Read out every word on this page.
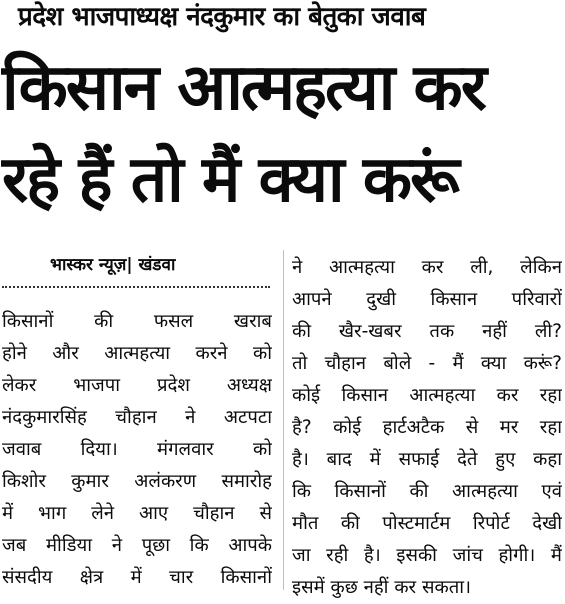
प्रदेश भाजपाध्यक्ष नंदकुमार का बेतुका जवाब
किसान आत्महत्या कर
रहे हैं तो मैं क्या करूं
भास्कर न्यूज़| खंडवा
किसानों की फसल खराब
होने और आत्महत्या करने को
लेकर भाजपा प्रदेश अध्यक्ष
नंदकुमारसिंह चौहान ने अटपटा
जवाब दिया। मंगलवार को
किशोर कुमार अलंकरण समारोह
में भाग लेने आए चौहान से
जब मीडिया ने पूछा कि आपके
संसदीय क्षेत्र में चार किसानों
ने आत्महत्या कर ली, लेकिन
आपने दुखी किसान परिवारों
की खैर-खबर तक नहीं ली?
तो चौहान बोले - मैं क्या करूं?
कोई किसान आत्महत्या कर रहा
है? कोई हार्टअटैक से मर रहा
है। बाद में सफाई देते हुए कहा
कि किसानों की आत्महत्या एवं
मौत की पोस्टमार्टम रिपोर्ट देखी
जा रही है। इसकी जांच होगी। मैं
इसमें कुछ नहीं कर सकता।
